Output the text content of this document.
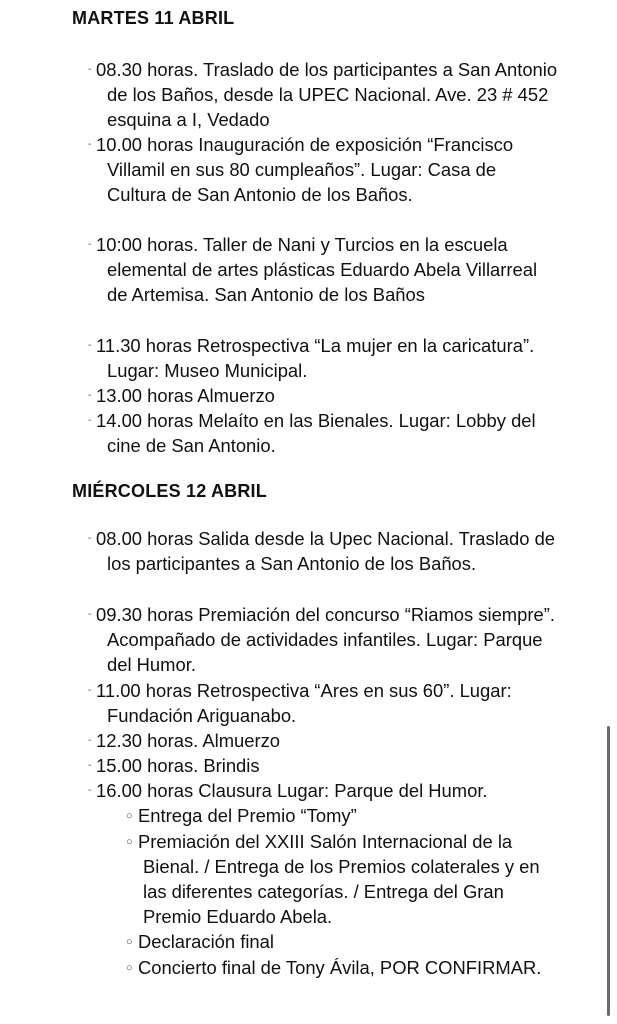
MARTES 11 ABRIL
- 08.30 horas. Traslado de los participantes a San Antonio de los Baños, desde la UPEC Nacional. Ave. 23 # 452 esquina a I, Vedado
- 10.00 horas Inauguración de exposición “Francisco Villamil en sus 80 cumpleaños”. Lugar: Casa de Cultura de San Antonio de los Baños.
- 10:00 horas. Taller de Nani y Turcios en la escuela elemental de artes plásticas Eduardo Abela Villarreal de Artemisa. San Antonio de los Baños
- 11.30 horas Retrospectiva “La mujer en la caricatura”. Lugar: Museo Municipal.
- 13.00 horas Almuerzo
- 14.00 horas Melaíto en las Bienales. Lugar: Lobby del cine de San Antonio.
MIÉRCOLES 12 ABRIL
- 08.00 horas Salida desde la Upec Nacional. Traslado de los participantes a San Antonio de los Baños.
- 09.30 horas Premiación del concurso “Riamos siempre”. Acompañado de actividades infantiles. Lugar: Parque del Humor.
- 11.00 horas Retrospectiva “Ares en sus 60”. Lugar: Fundación Ariguanabo.
- 12.30 horas. Almuerzo
- 15.00 horas. Brindis
- 16.00 horas Clausura Lugar: Parque del Humor.
○ Entrega del Premio “Tomy”
○ Premiación del XXIII Salón Internacional de la Bienal. / Entrega de los Premios colaterales y en las diferentes categorías. / Entrega del Gran Premio Eduardo Abela.
○ Declaración final
○ Concierto final de Tony Ávila, POR CONFIRMAR.
